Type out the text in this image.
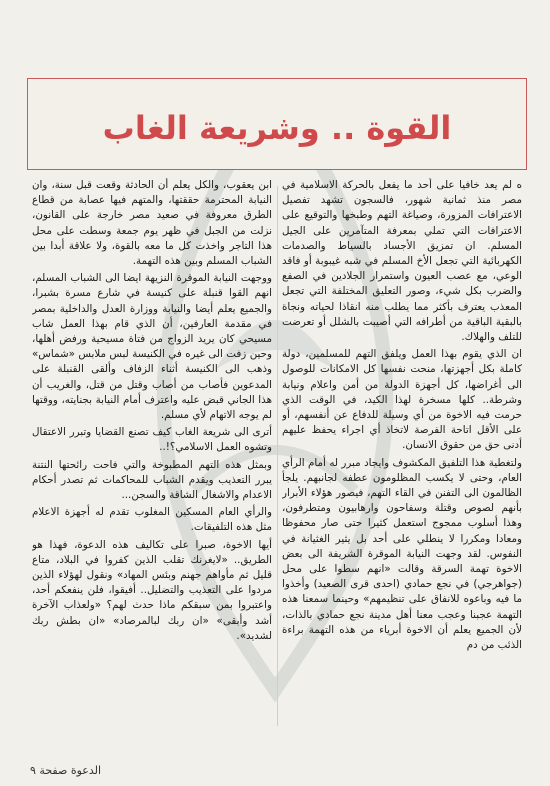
القوة .. وشريعة الغاب

ه لم يعد خافيا على أحد ما يفعل بالحركة الاسلامية في مصر منذ ثمانية شهور، فالسجون تشهد تفصيل الاعترافات المزورة، وصياغة التهم وطبخها والتوقيع على الاعترافات التي تملي بمعرفة المتآمرين على الجيل المسلم. ان تمزيق الأجساد بالسياط والصدمات الكهربائية التي تجعل الأخ المسلم في شبه غيبوبة أو فاقد الوعي، مع عصب العيون واستمرار الجلادين في الصفع والضرب بكل شيء، وصور التعليق المختلفة التي تجعل المعذب يعترف بأكثر مما يطلب منه انقاذا لحياته ونجاة بالبقية الباقية من أطرافه التي أصيبت بالشلل أو تعرضت للتلف والهلاك.

ان الذي يقوم بهذا العمل ويلفق التهم للمسلمين، دولة كاملة بكل أجهزتها، منحت نفسها كل الامكانات للوصول الى أغراضها، كل أجهزة الدولة من أمن واعلام ونيابة وشرطة.. كلها مسخرة لهذا الكيد، في الوقت الذي حرمت فيه الاخوة من أي وسيلة للدفاع عن أنفسهم، أو على الأقل اتاحة الفرصة لاتخاذ أي اجراء يحفظ عليهم أدنى حق من حقوق الانسان.

ولتغطية هذا التلفيق المكشوف وايجاد مبرر له أمام الرأي العام، وحتى لا يكسب المظلومون عطفه لجانبهم. يلجأ الظالمون الى التفنن في القاء التهم، فيصور هؤلاء الأبرار بأنهم لصوص وقتلة وسفاحون وارهابيون ومتطرفون، وهذا أسلوب ممجوج استعمل كثيرا حتى صار محفوظا ومعادا ومكررا لا ينطلي على أحد بل يثير الغثيانة في النفوس. لقد وجهت النيابة الموقرة الشريفة الى بعض الاخوة تهمة السرقة وقالت «انهم سطوا على محل (جواهرجي) في نجع حمادي (احدى قرى الصعيد) وأخذوا ما فيه وباعوه للانفاق على تنظيمهم» وحينما سمعنا هذه التهمة عجبنا وعجب معنا أهل مدينة نجع حمادي بالذات، لأن الجميع يعلم أن الاخوة أبرياء من هذه التهمة براءة الذئب من دم

ابن يعقوب، والكل يعلم أن الحادثة وقعت قبل سنة، وان النيابة المحترمة حققتها، والمتهم فيها عصابة من قطاع الطرق معروفة في صعيد مصر خارجة على القانون، نزلت من الجبل في ظهر يوم جمعة وسطت على محل هذا التاجر واخذت كل ما معه بالقوة، ولا علاقة أبدا بين الشباب المسلم وبين هذه التهمة.

ووجهت النيابة الموقرة النزيهة ايضا الى الشباب المسلم، انهم القوا قنبلة على كنيسة في شارع مسرة بشبرا، والجميع يعلم أيضا والنيابة ووزارة العدل والداخلية بمصر في مقدمة العارفين، أن الذي قام بهذا العمل شاب مسيحي كان يريد الزواج من فتاة مسيحية ورفض أهلها، وحين زفت الى غيره في الكنيسة لبس ملابس «شماس» وذهب الى الكنيسة أثناء الزفاف وألقى القنبلة على المدعوين فأصاب من أصاب وقتل من قتل، والغريب أن هذا الجاني قبض عليه واعترف أمام النيابة بجنايته، ووقتها لم يوجه الاتهام لأي مسلم.

أترى الى شريعة الغاب كيف تصنع القضايا وتبرر الاعتقال وتشوه العمل الاسلامي؟!..

وبمثل هذه التهم المطبوخة والتي فاحت رائحتها النتنة يبرر التعذيب ويقدم الشباب للمحاكمات ثم تصدر أحكام الاعدام والاشغال الشاقة والسجن...

والرأي العام المسكين المغلوب تقدم له أجهزة الاعلام مثل هذه التلفيقات.

أيها الاخوة، صبرا على تكاليف هذه الدعوة، فهذا هو الطريق.. «لايغرنك تقلب الذين كفروا في البلاد، متاع قليل ثم مأواهم جهنم وبئس المهاد» ونقول لهؤلاء الذين مردوا على التعذيب والتضليل.. أفيقوا، فلن ينفعكم أحد، واعتبروا بمن سبقكم ماذا حدث لهم؟ «ولعذاب الآخرة أشد وأبقى» «ان ربك لبالمرصاد» «ان بطش ربك لشديد».

الدعوة صفحة ٩
